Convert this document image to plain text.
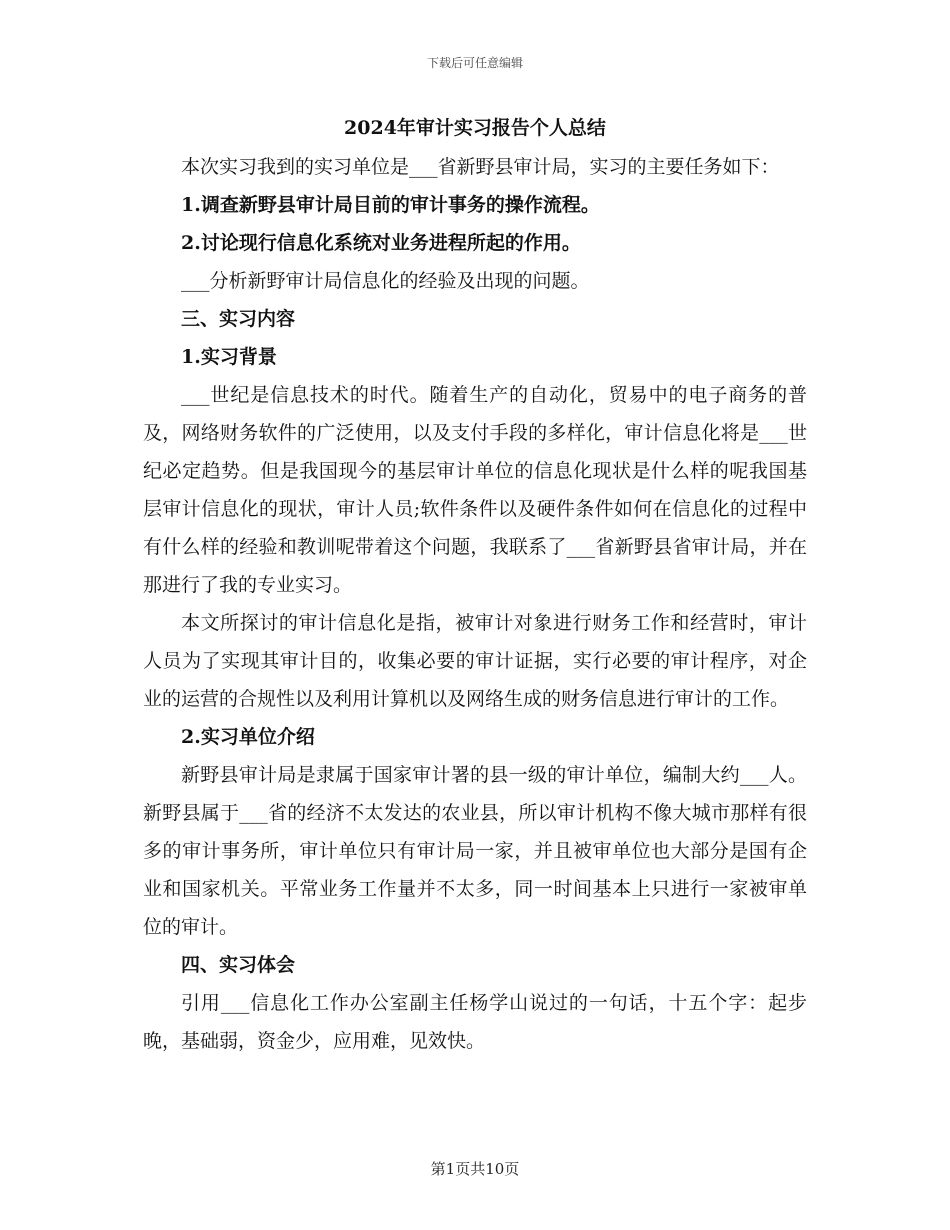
下载后可任意编辑
2024年审计实习报告个人总结

本次实习我到的实习单位是___省新野县审计局，实习的主要任务如下：

1.调查新野县审计局目前的审计事务的操作流程。

2.讨论现行信息化系统对业务进程所起的作用。

___分析新野审计局信息化的经验及出现的问题。

三、实习内容

1.实习背景

___世纪是信息技术的时代。随着生产的自动化，贸易中的电子商务的普及，网络财务软件的广泛使用，以及支付手段的多样化，审计信息化将是___世纪必定趋势。但是我国现今的基层审计单位的信息化现状是什么样的呢我国基层审计信息化的现状，审计人员;软件条件以及硬件条件如何在信息化的过程中有什么样的经验和教训呢带着这个问题，我联系了___省新野县省审计局，并在那进行了我的专业实习。

本文所探讨的审计信息化是指，被审计对象进行财务工作和经营时，审计人员为了实现其审计目的，收集必要的审计证据，实行必要的审计程序，对企业的运营的合规性以及利用计算机以及网络生成的财务信息进行审计的工作。

2.实习单位介绍

新野县审计局是隶属于国家审计署的县一级的审计单位，编制大约___人。新野县属于___省的经济不太发达的农业县，所以审计机构不像大城市那样有很多的审计事务所，审计单位只有审计局一家，并且被审单位也大部分是国有企业和国家机关。平常业务工作量并不太多，同一时间基本上只进行一家被审单位的审计。

四、实习体会

引用___信息化工作办公室副主任杨学山说过的一句话，十五个字：起步晚，基础弱，资金少，应用难，见效快。

第1页共10页
